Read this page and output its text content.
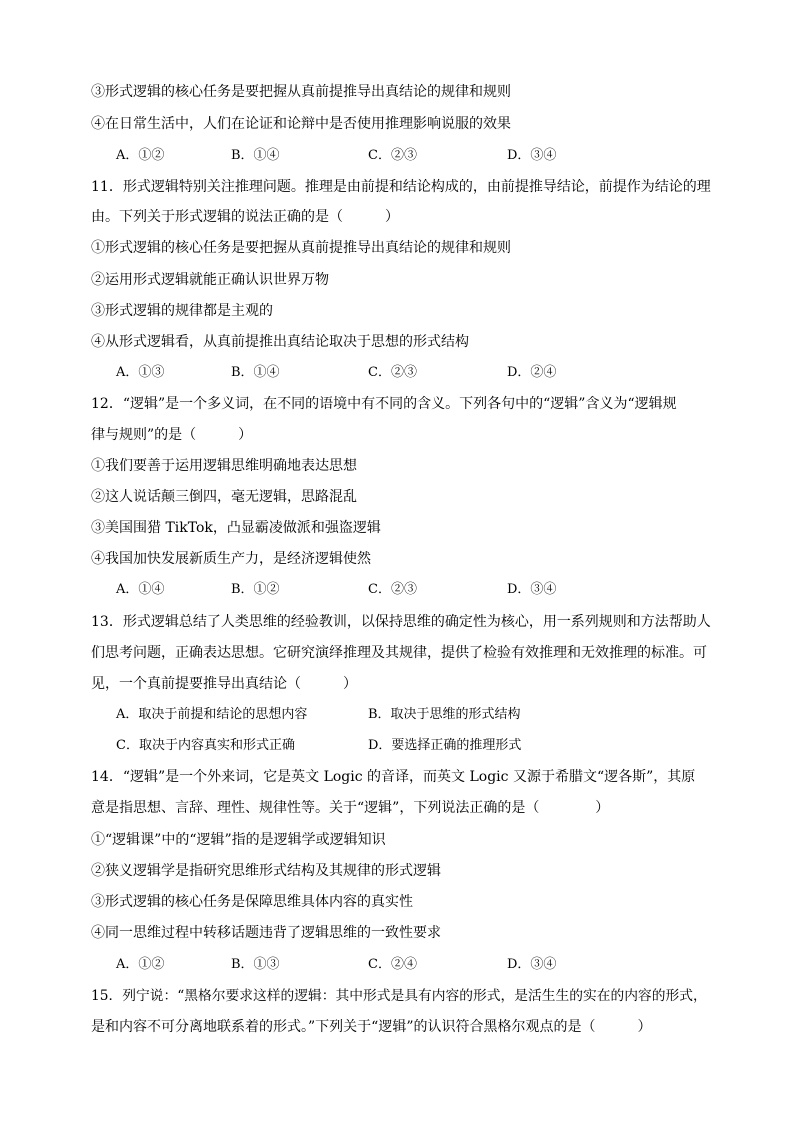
③形式逻辑的核心任务是要把握从真前提推导出真结论的规律和规则
④在日常生活中，人们在论证和论辩中是否使用推理影响说服的效果
A．①②	B．①④	C．②③	D．③④
11．形式逻辑特别关注推理问题。推理是由前提和结论构成的，由前提推导结论，前提作为结论的理
由。下列关于形式逻辑的说法正确的是（　　　）
①形式逻辑的核心任务是要把握从真前提推导出真结论的规律和规则
②运用形式逻辑就能正确认识世界万物
③形式逻辑的规律都是主观的
④从形式逻辑看，从真前提推出真结论取决于思想的形式结构
A．①③	B．①④	C．②③	D．②④
12．“逻辑”是一个多义词，在不同的语境中有不同的含义。下列各句中的“逻辑”含义为“逻辑规
律与规则”的是（　　　）
①我们要善于运用逻辑思维明确地表达思想
②这人说话颠三倒四，毫无逻辑，思路混乱
③美国围猎 TikTok，凸显霸凌做派和强盗逻辑
④我国加快发展新质生产力，是经济逻辑使然
A．①④	B．①②	C．②③	D．③④
13．形式逻辑总结了人类思维的经验教训，以保持思维的确定性为核心，用一系列规则和方法帮助人
们思考问题，正确表达思想。它研究演绎推理及其规律，提供了检验有效推理和无效推理的标准。可
见，一个真前提要推导出真结论（　　　）
A．取决于前提和结论的思想内容	B．取决于思维的形式结构
C．取决于内容真实和形式正确	D．要选择正确的推理形式
14．“逻辑”是一个外来词，它是英文 Logic 的音译，而英文 Logic 又源于希腊文“逻各斯”，其原
意是指思想、言辞、理性、规律性等。关于“逻辑”，下列说法正确的是（　　　　）
①“逻辑课”中的“逻辑”指的是逻辑学或逻辑知识
②狭义逻辑学是指研究思维形式结构及其规律的形式逻辑
③形式逻辑的核心任务是保障思维具体内容的真实性
④同一思维过程中转移话题违背了逻辑思维的一致性要求
A．①②	B．①③	C．②④	D．③④
15．列宁说：“黑格尔要求这样的逻辑：其中形式是具有内容的形式，是活生生的实在的内容的形式，
是和内容不可分离地联系着的形式。”下列关于“逻辑”的认识符合黑格尔观点的是（　　　）
